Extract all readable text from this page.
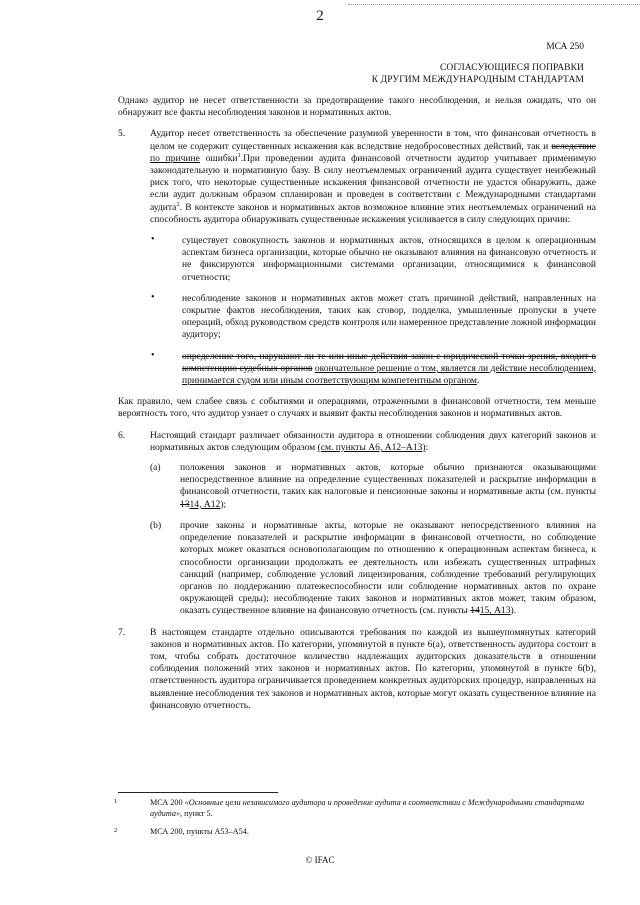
2
МСА 250
СОГЛАСУЮЩИЕСЯ ПОПРАВКИ
К ДРУГИМ МЕЖДУНАРОДНЫМ СТАНДАРТАМ

Однако аудитор не несет ответственности за предотвращение такого несоблюдения, и нельзя ожидать, что он обнаружит все факты несоблюдения законов и нормативных актов.

5.	Аудитор несет ответственность за обеспечение разумной уверенности в том, что финансовая отчетность в целом не содержит существенных искажения как вследствие недобросовестных действий, так и вследствие по причине ошибки$^1$.При проведении аудита финансовой отчетности аудитор учитывает применимую законодательную и нормативную базу. В силу неотъемлемых ограничений аудита существует неизбежный риск того, что некоторые существенные искажения финансовой отчетности не удастся обнаружить, даже если аудит должным образом спланирован и проведен в соответствии с Международными стандартами аудита$^2$. В контексте законов и нормативных актов возможное влияние этих неотъемлемых ограничений на способность аудитора обнаруживать существенные искажения усиливается в силу следующих причин:
•	существует совокупность законов и нормативных актов, относящихся в целом к операционным аспектам бизнеса организации, которые обычно не оказывают влияния на финансовую отчетность и не фиксируются информационными системами организации, относящимися к финансовой отчетности;
•	несоблюдение законов и нормативных актов может стать причиной действий, направленных на сокрытие фактов несоблюдения, таких как сговор, подделка, умышленные пропуски в учете операций, обход руководством средств контроля или намеренное представление ложной информации аудитору;
•	определение того, нарушают ли те или иные действия закон с юридической точки зрения, входит в компетенцию судебных органов окончательное решение о том, является ли действие несоблюдением, принимается судом или иным соответствующим компетентным органом.

Как правило, чем слабее связь с событиями и операциями, отраженными в финансовой отчетности, тем меньше вероятность того, что аудитор узнает о случаях и выявит факты несоблюдения законов и нормативных актов.

6.	Настоящий стандарт различает обязанности аудитора в отношении соблюдения двух категорий законов и нормативных актов следующим образом (см. пункты А6, А12–А13):
(a) положения законов и нормативных актов, которые обычно признаются оказывающими непосредственное влияние на определение существенных показателей и раскрытие информации в финансовой отчетности, таких как налоговые и пенсионные законы и нормативные акты (см. пункты 1314, А12);
(b) прочие законы и нормативные акты, которые не оказывают непосредственного влияния на определение показателей и раскрытие информации в финансовой отчетности, но соблюдение которых может оказаться основополагающим по отношению к операционным аспектам бизнеса, к способности организации продолжать ее деятельность или избежать существенных штрафных санкций (например, соблюдение условий лицензирования, соблюдение требований регулирующих органов по поддержанию платежеспособности или соблюдение нормативных актов по охране окружающей среды); несоблюдение таких законов и нормативных актов может, таким образом, оказать существенное влияние на финансовую отчетность (см. пункты 1415, А13).
7.	В настоящем стандарте отдельно описываются требования по каждой из вышеупомянутых категорий законов и нормативных актов. По категории, упомянутой в пункте 6(a), ответственность аудитора состоит в том, чтобы собрать достаточное количество надлежащих аудиторских доказательств в отношении соблюдения положений этих законов и нормативных актов. По категории, упомянутой в пункте 6(b), ответственность аудитора ограничивается проведением конкретных аудиторских процедур, направленных на выявление несоблюдения тех законов и нормативных актов, которые могут оказать существенное влияние на финансовую отчетность.
1	МСА 200 «Основные цели независимого аудитора и проведение аудита в соответствии с Международными стандартами аудита», пункт 5.
2	МСА 200, пункты А53–А54.
© IFAC
